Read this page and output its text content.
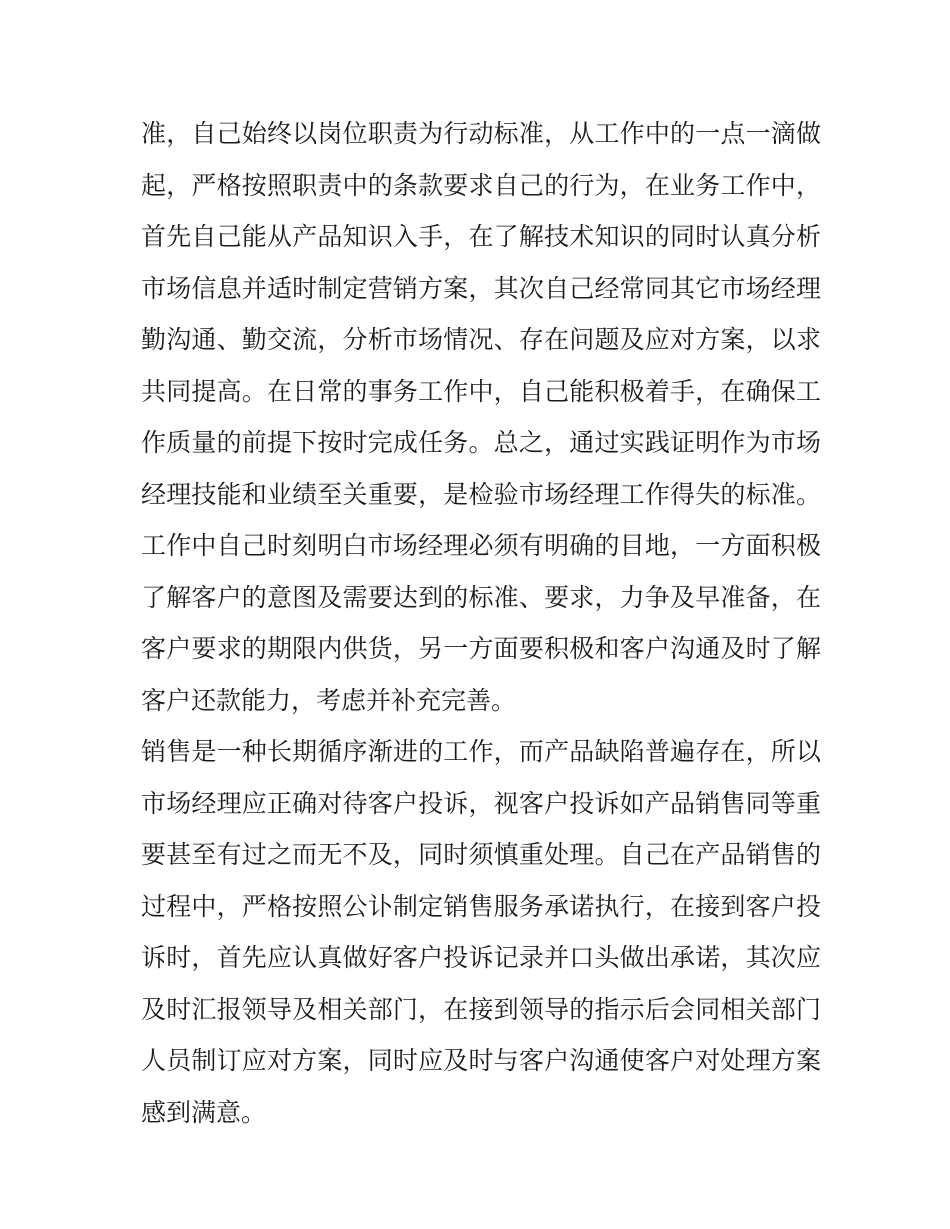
准，自己始终以岗位职责为行动标准，从工作中的一点一滴做
起，严格按照职责中的条款要求自己的行为，在业务工作中，
首先自己能从产品知识入手，在了解技术知识的同时认真分析
市场信息并适时制定营销方案，其次自己经常同其它市场经理
勤沟通、勤交流，分析市场情况、存在问题及应对方案，以求
共同提高。在日常的事务工作中，自己能积极着手，在确保工
作质量的前提下按时完成任务。总之，通过实践证明作为市场
经理技能和业绩至关重要，是检验市场经理工作得失的标准。
工作中自己时刻明白市场经理必须有明确的目地，一方面积极
了解客户的意图及需要达到的标准、要求，力争及早准备，在
客户要求的期限内供货，另一方面要积极和客户沟通及时了解
客户还款能力，考虑并补充完善。
销售是一种长期循序渐进的工作，而产品缺陷普遍存在，所以
市场经理应正确对待客户投诉，视客户投诉如产品销售同等重
要甚至有过之而无不及，同时须慎重处理。自己在产品销售的
过程中，严格按照公讣制定销售服务承诺执行，在接到客户投
诉时，首先应认真做好客户投诉记录并口头做出承诺，其次应
及时汇报领导及相关部门，在接到领导的指示后会同相关部门
人员制订应对方案，同时应及时与客户沟通使客户对处理方案
感到满意。
